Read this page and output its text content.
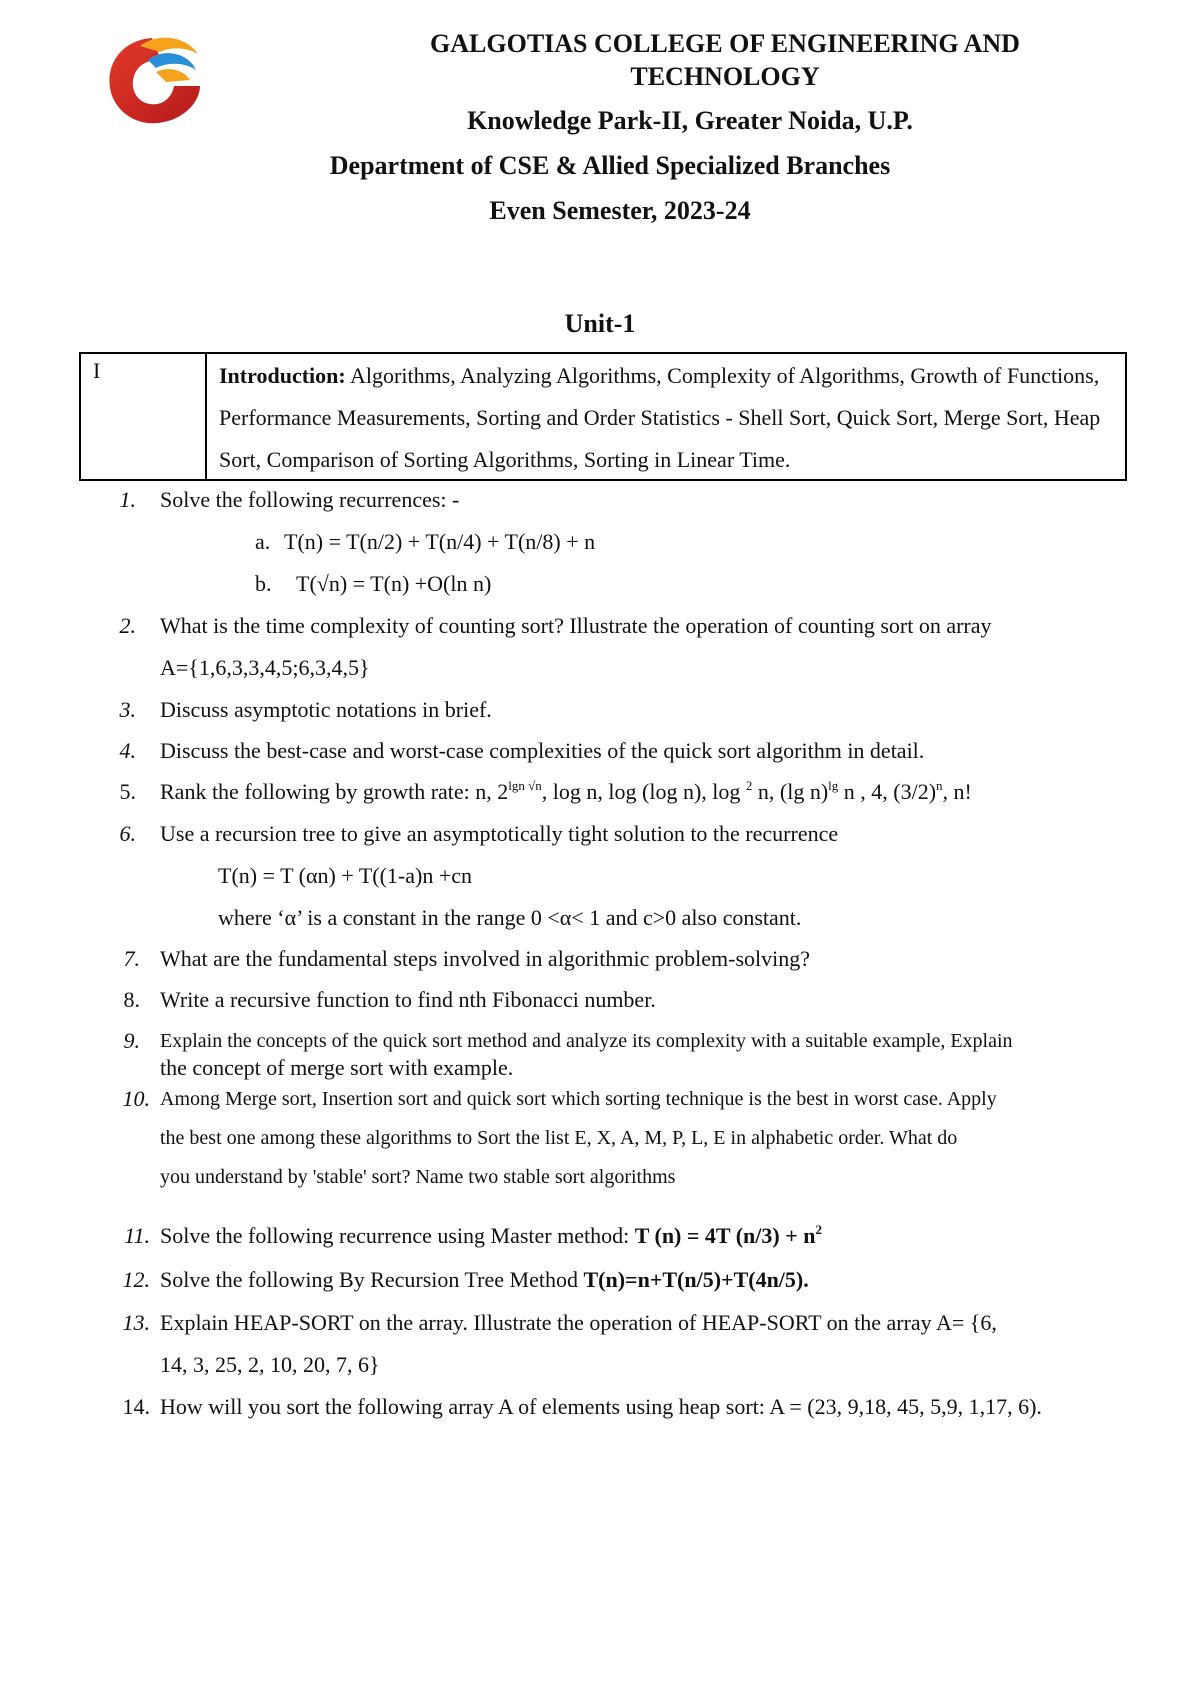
GALGOTIAS COLLEGE OF ENGINEERING AND TECHNOLOGY
Knowledge Park-II, Greater Noida, U.P.
Department of CSE & Allied Specialized Branches
Even Semester, 2023-24
Unit-1
I	Introduction: Algorithms, Analyzing Algorithms, Complexity of Algorithms, Growth of Functions, Performance Measurements, Sorting and Order Statistics - Shell Sort, Quick Sort, Merge Sort, Heap Sort, Comparison of Sorting Algorithms, Sorting in Linear Time.
1. Solve the following recurrences: -
a. T(n) = T(n/2) + T(n/4) + T(n/8) + n
b. T(√n) = T(n) +O(ln n)
2. What is the time complexity of counting sort? Illustrate the operation of counting sort on array
A={1,6,3,3,4,5;6,3,4,5}
3. Discuss asymptotic notations in brief.
4. Discuss the best-case and worst-case complexities of the quick sort algorithm in detail.
5. Rank the following by growth rate: n, $2^{lgn √n}$, log n, log (log n), log $^2$ n, (lg n)$^{lg}$ n , 4, $(3/2)^n$, n!
6. Use a recursion tree to give an asymptotically tight solution to the recurrence
T(n) = T (αn) + T((1-a)n +cn
where ‘α’ is a constant in the range 0 <α< 1 and c>0 also constant.
7. What are the fundamental steps involved in algorithmic problem-solving?
8. Write a recursive function to find nth Fibonacci number.
9. Explain the concepts of the quick sort method and analyze its complexity with a suitable example, Explain
the concept of merge sort with example.
10. Among Merge sort, Insertion sort and quick sort which sorting technique is the best in worst case. Apply
the best one among these algorithms to Sort the list E, X, A, M, P, L, E in alphabetic order. What do
you understand by 'stable' sort? Name two stable sort algorithms
11. Solve the following recurrence using Master method: T (n) = 4T $(n/3) + n^2$
12. Solve the following By Recursion Tree Method T(n)=n+T(n/5)+T(4n/5).
13. Explain HEAP-SORT on the array. Illustrate the operation of HEAP-SORT on the array A= {6,
14, 3, 25, 2, 10, 20, 7, 6}
14. How will you sort the following array A of elements using heap sort: A = (23, 9,18, 45, 5,9, 1,17, 6).
